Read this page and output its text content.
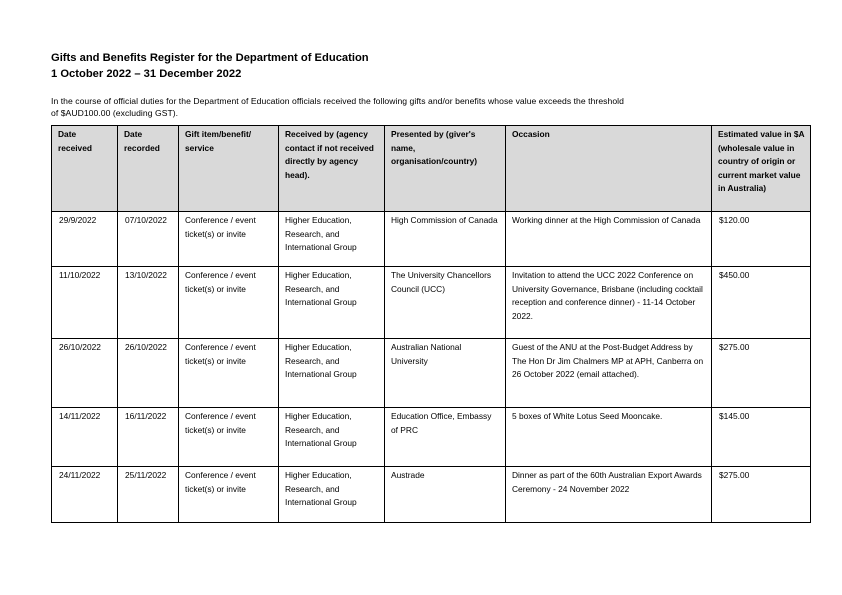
Gifts and Benefits Register for the Department of Education
1 October 2022 – 31 December 2022
In the course of official duties for the Department of Education officials received the following gifts and/or benefits whose value exceeds the threshold
of $AUD100.00 (excluding GST).
Date received	Date recorded	Gift item/benefit/ service	Received by (agency contact if not received directly by agency head).	Presented by (giver's name, organisation/country)	Occasion	Estimated value in $A (wholesale value in country of origin or current market value in Australia)
29/9/2022	07/10/2022	Conference / event ticket(s) or invite	Higher Education, Research, and International Group	High Commission of Canada	Working dinner at the High Commission of Canada	$120.00
11/10/2022	13/10/2022	Conference / event ticket(s) or invite	Higher Education, Research, and International Group	The University Chancellors Council (UCC)	Invitation to attend the UCC 2022 Conference on University Governance, Brisbane (including cocktail reception and conference dinner) - 11-14 October 2022.	$450.00
26/10/2022	26/10/2022	Conference / event ticket(s) or invite	Higher Education, Research, and International Group	Australian National University	Guest of the ANU at the Post-Budget Address by The Hon Dr Jim Chalmers MP at APH, Canberra on 26 October 2022 (email attached).	$275.00
14/11/2022	16/11/2022	Conference / event ticket(s) or invite	Higher Education, Research, and International Group	Education Office, Embassy of PRC	5 boxes of White Lotus Seed Mooncake.	$145.00
24/11/2022	25/11/2022	Conference / event ticket(s) or invite	Higher Education, Research, and International Group	Austrade	Dinner as part of the 60th Australian Export Awards Ceremony - 24 November 2022	$275.00
